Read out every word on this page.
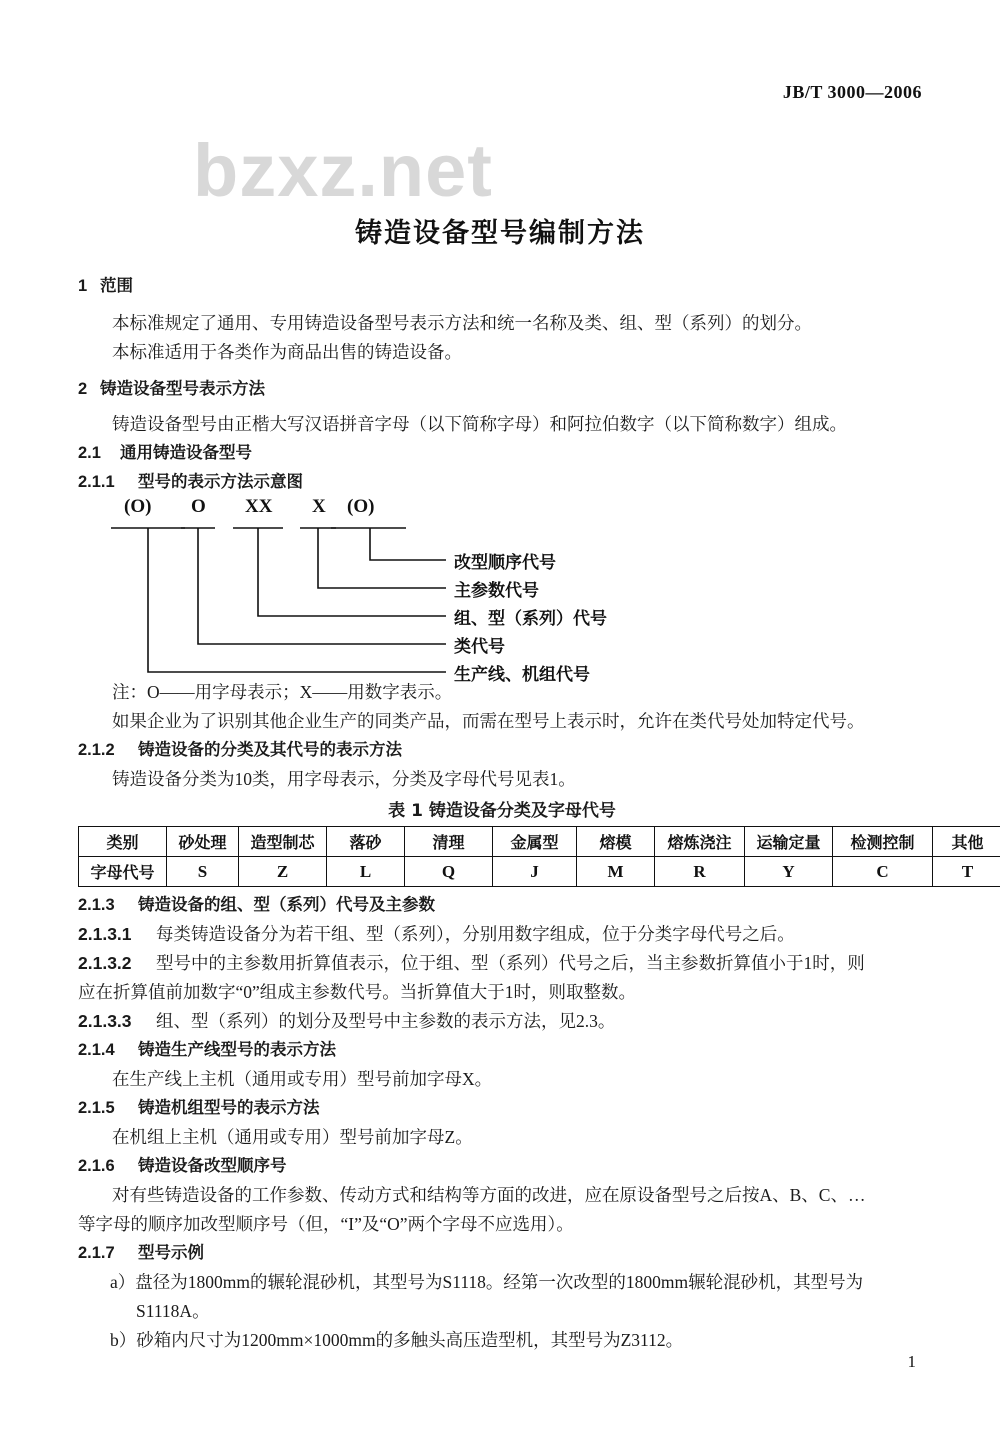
bzxz.net
JB/T 3000—2006
铸造设备型号编制方法

1 范围

本标准规定了通用、专用铸造设备型号表示方法和统一名称及类、组、型（系列）的划分。

本标准适用于各类作为商品出售的铸造设备。

2 铸造设备型号表示方法

铸造设备型号由正楷大写汉语拼音字母（以下简称字母）和阿拉伯数字（以下简称数字）组成。

2.1 通用铸造设备型号

2.1.1 型号的表示方法示意图

(O) O XX X (O)
改型顺序代号
主参数代号
组、型（系列）代号
类代号
生产线、机组代号

注：O——用字母表示；X——用数字表示。

如果企业为了识别其他企业生产的同类产品，而需在型号上表示时，允许在类代号处加特定代号。

2.1.2 铸造设备的分类及其代号的表示方法

铸造设备分类为10类，用字母表示，分类及字母代号见表1。

表 1 铸造设备分类及字母代号
类别	砂处理	造型制芯	落砂	清理	金属型	熔模	熔炼浇注	运输定量	检测控制	其他
字母代号	S	Z	L	Q	J	M	R	Y	C	T

2.1.3 铸造设备的组、型（系列）代号及主参数

2.1.3.1 每类铸造设备分为若干组、型（系列），分别用数字组成，位于分类字母代号之后。

2.1.3.2 型号中的主参数用折算值表示，位于组、型（系列）代号之后，当主参数折算值小于1时，则

应在折算值前加数字“0”组成主参数代号。当折算值大于1时，则取整数。

2.1.3.3 组、型（系列）的划分及型号中主参数的表示方法，见2.3。

2.1.4 铸造生产线型号的表示方法

在生产线上主机（通用或专用）型号前加字母X。

2.1.5 铸造机组型号的表示方法

在机组上主机（通用或专用）型号前加字母Z。

2.1.6 铸造设备改型顺序号

对有些铸造设备的工作参数、传动方式和结构等方面的改进，应在原设备型号之后按A、B、C、…

等字母的顺序加改型顺序号（但，“I”及“O”两个字母不应选用）。

2.1.7 型号示例

a）盘径为1800mm的辗轮混砂机，其型号为S1118。经第一次改型的1800mm辗轮混砂机，其型号为

S1118A。

b）砂箱内尺寸为1200mm×1000mm的多触头高压造型机，其型号为Z3112。

1
